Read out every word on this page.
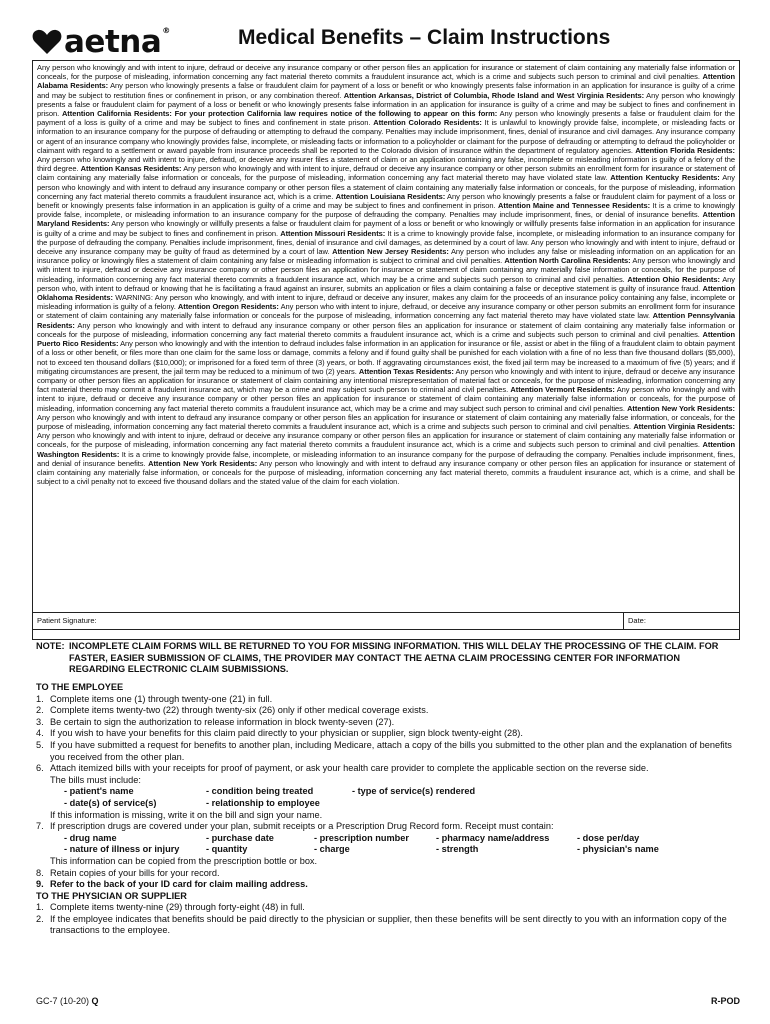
aetna®	Medical Benefits – Claim Instructions
Any person who knowingly and with intent to injure, defraud or deceive any insurance company or other person files an application for insurance or statement of claim containing any materially false information or conceals, for the purpose of misleading, information concerning any fact material thereto commits a fraudulent insurance act, which is a crime and subjects such person to criminal and civil penalties. Attention Alabama Residents: Any person who knowingly presents a false or fraudulent claim for payment of a loss or benefit or who knowingly presents false information in an application for insurance is guilty of a crime and may be subject to restitution fines or confinement in prison, or any combination thereof. Attention Arkansas, District of Columbia, Rhode Island and West Virginia Residents: Any person who knowingly presents a false or fraudulent claim for payment of a loss or benefit or who knowingly presents false information in an application for insurance is guilty of a crime and may be subject to fines and confinement in prison. Attention California Residents: For your protection California law requires notice of the following to appear on this form: Any person who knowingly presents a false or fraudulent claim for the payment of a loss is guilty of a crime and may be subject to fines and confinement in state prison. Attention Colorado Residents: It is unlawful to knowingly provide false, incomplete, or misleading facts or information to an insurance company for the purpose of defrauding or attempting to defraud the company. Penalties may include imprisonment, fines, denial of insurance and civil damages. Any insurance company or agent of an insurance company who knowingly provides false, incomplete, or misleading facts or information to a policyholder or claimant for the purpose of defrauding or attempting to defraud the policyholder or claimant with regard to a settlement or award payable from insurance proceeds shall be reported to the Colorado division of insurance within the department of regulatory agencies. Attention Florida Residents: Any person who knowingly and with intent to injure, defraud, or deceive any insurer files a statement of claim or an application containing any false, incomplete or misleading information is guilty of a felony of the third degree. Attention Kansas Residents: Any person who knowingly and with intent to injure, defraud or deceive any insurance company or other person submits an enrollment form for insurance or statement of claim containing any materially false information or conceals, for the purpose of misleading, information concerning any fact material thereto may have violated state law. Attention Kentucky Residents: Any person who knowingly and with intent to defraud any insurance company or other person files a statement of claim containing any materially false information or conceals, for the purpose of misleading, information concerning any fact material thereto commits a fraudulent insurance act, which is a crime. Attention Louisiana Residents: Any person who knowingly presents a false or fraudulent claim for payment of a loss or benefit or knowingly presents false information in an application is guilty of a crime and may be subject to fines and confinement in prison. Attention Maine and Tennessee Residents: It is a crime to knowingly provide false, incomplete, or misleading information to an insurance company for the purpose of defrauding the company. Penalties may include imprisonment, fines, or denial of insurance benefits. Attention Maryland Residents: Any person who knowingly or willfully presents a false or fraudulent claim for payment of a loss or benefit or who knowingly or willfully presents false information in an application for insurance is guilty of a crime and may be subject to fines and confinement in prison. Attention Missouri Residents: It is a crime to knowingly provide false, incomplete, or misleading information to an insurance company for the purpose of defrauding the company. Penalties include imprisonment, fines, denial of insurance and civil damages, as determined by a court of law. Any person who knowingly and with intent to injure, defraud or deceive any insurance company may be guilty of fraud as determined by a court of law. Attention New Jersey Residents: Any person who includes any false or misleading information on an application for an insurance policy or knowingly files a statement of claim containing any false or misleading information is subject to criminal and civil penalties. Attention North Carolina Residents: Any person who knowingly and with intent to injure, defraud or deceive any insurance company or other person files an application for insurance or statement of claim containing any materially false information or conceals, for the purpose of misleading, information concerning any fact material thereto commits a fraudulent insurance act, which may be a crime and subjects such person to criminal and civil penalties. Attention Ohio Residents: Any person who, with intent to defraud or knowing that he is facilitating a fraud against an insurer, submits an application or files a claim containing a false or deceptive statement is guilty of insurance fraud. Attention Oklahoma Residents: WARNING: Any person who knowingly, and with intent to injure, defraud or deceive any insurer, makes any claim for the proceeds of an insurance policy containing any false, incomplete or misleading information is guilty of a felony. Attention Oregon Residents: Any person who with intent to injure, defraud, or deceive any insurance company or other person submits an enrollment form for insurance or statement of claim containing any materially false information or conceals for the purpose of misleading, information concerning any fact material thereto may have violated state law. Attention Pennsylvania Residents: Any person who knowingly and with intent to defraud any insurance company or other person files an application for insurance or statement of claim containing any materially false information or conceals for the purpose of misleading, information concerning any fact material thereto commits a fraudulent insurance act, which is a crime and subjects such person to criminal and civil penalties. Attention Puerto Rico Residents: Any person who knowingly and with the intention to defraud includes false information in an application for insurance or file, assist or abet in the filing of a fraudulent claim to obtain payment of a loss or other benefit, or files more than one claim for the same loss or damage, commits a felony and if found guilty shall be punished for each violation with a fine of no less than five thousand dollars ($5,000), not to exceed ten thousand dollars ($10,000); or imprisoned for a fixed term of three (3) years, or both. If aggravating circumstances exist, the fixed jail term may be increased to a maximum of five (5) years; and if mitigating circumstances are present, the jail term may be reduced to a minimum of two (2) years. Attention Texas Residents: Any person who knowingly and with intent to injure, defraud or deceive any insurance company or other person files an application for insurance or statement of claim containing any intentional misrepresentation of material fact or conceals, for the purpose of misleading, information concerning any fact material thereto may commit a fraudulent insurance act, which may be a crime and may subject such person to criminal and civil penalties. Attention Vermont Residents: Any person who knowingly and with intent to injure, defraud or deceive any insurance company or other person files an application for insurance or statement of claim containing any materially false information or conceals, for the purpose of misleading, information concerning any fact material thereto commits a fraudulent insurance act, which may be a crime and may subject such person to criminal and civil penalties. Attention New York Residents: Any person who knowingly and with intent to defraud any insurance company or other person files an application for insurance or statement of claim containing any materially false information, or conceals, for the purpose of misleading, information concerning any fact material thereto commits a fraudulent insurance act, which is a crime and subjects such person to criminal and civil penalties. Attention Virginia Residents: Any person who knowingly and with intent to injure, defraud or deceive any insurance company or other person files an application for insurance or statement of claim containing any materially false information or conceals, for the purpose of misleading, information concerning any fact material thereto commits a fraudulent insurance act, which is a crime and subjects such person to criminal and civil penalties. Attention Washington Residents: It is a crime to knowingly provide false, incomplete, or misleading information to an insurance company for the purpose of defrauding the company. Penalties include imprisonment, fines, and denial of insurance benefits. Attention New York Residents: Any person who knowingly and with intent to defraud any insurance company or other person files an application for insurance or statement of claim containing any materially false information, or conceals for the purpose of misleading, information concerning any fact material thereto, commits a fraudulent insurance act, which is a crime, and shall be subject to a civil penalty not to exceed five thousand dollars and the stated value of the claim for each violation.
Patient Signature:	Date:
NOTE: INCOMPLETE CLAIM FORMS WILL BE RETURNED TO YOU FOR MISSING INFORMATION. THIS WILL DELAY THE PROCESSING OF THE CLAIM. FOR FASTER, EASIER SUBMISSION OF CLAIMS, THE PROVIDER MAY CONTACT THE AETNA CLAIM PROCESSING CENTER FOR INFORMATION REGARDING ELECTRONIC CLAIM SUBMISSIONS.
TO THE EMPLOYEE
1. Complete items one (1) through twenty-one (21) in full.
2. Complete items twenty-two (22) through twenty-six (26) only if other medical coverage exists.
3. Be certain to sign the authorization to release information in block twenty-seven (27).
4. If you wish to have your benefits for this claim paid directly to your physician or supplier, sign block twenty-eight (28).
5. If you have submitted a request for benefits to another plan, including Medicare, attach a copy of the bills you submitted to the other plan and the explanation of benefits you received from the other plan.
6. Attach itemized bills with your receipts for proof of payment, or ask your health care provider to complete the applicable section on the reverse side.
The bills must include:
- patient's name	- condition being treated	- type of service(s) rendered
- date(s) of service(s)	- relationship to employee
If this information is missing, write it on the bill and sign your name.
7. If prescription drugs are covered under your plan, submit receipts or a Prescription Drug Record form. Receipt must contain:
- drug name	- purchase date	- prescription number	- pharmacy name/address	- dose per/day
- nature of illness or injury	- quantity	- charge	- strength	- physician's name
This information can be copied from the prescription bottle or box.
8. Retain copies of your bills for your record.
9. Refer to the back of your ID card for claim mailing address.
TO THE PHYSICIAN OR SUPPLIER
1. Complete items twenty-nine (29) through forty-eight (48) in full.
2. If the employee indicates that benefits should be paid directly to the physician or supplier, then these benefits will be sent directly to you with an information copy of the transactions to the employee.
GC-7 (10-20) Q	R-POD
